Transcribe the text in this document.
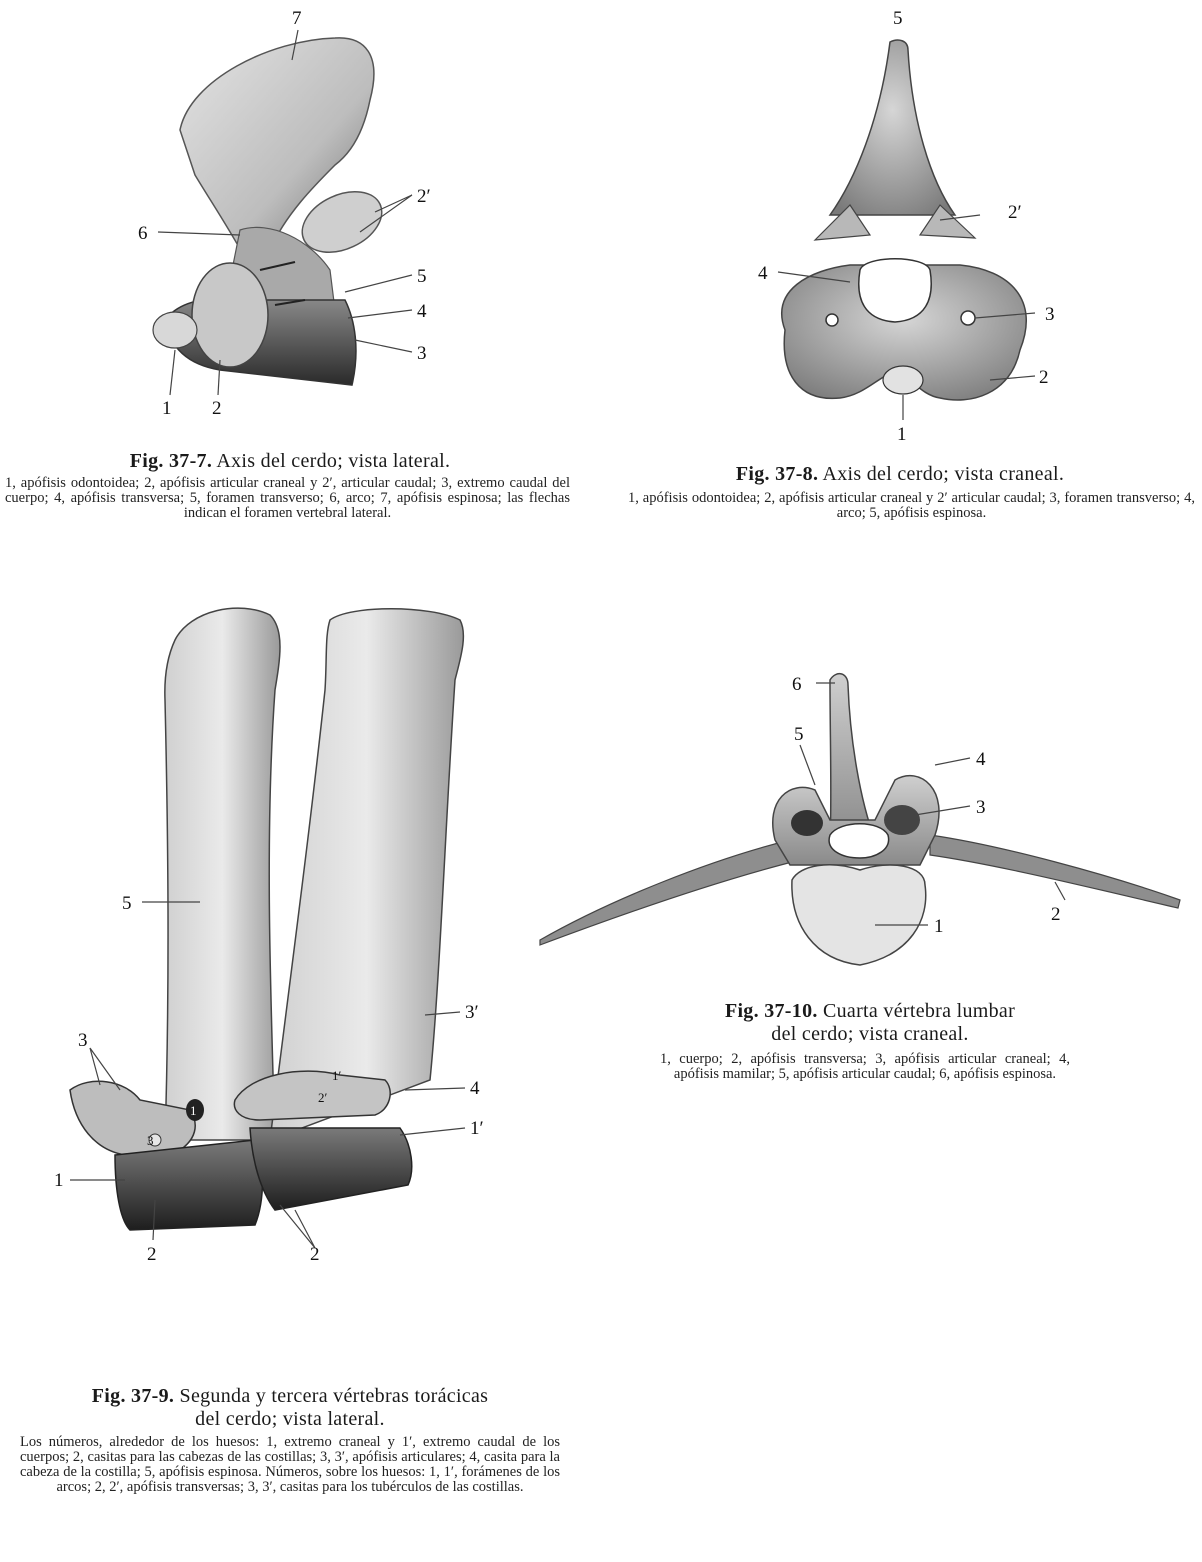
7
2′
6
5
4
3
1 2
Fig. 37-7. Axis del cerdo; vista lateral.
1, apófisis odontoidea; 2, apófisis articular craneal y 2′, articular caudal; 3, extremo caudal del cuerpo; 4, apófisis transversa; 5, foramen transverso; 6, arco; 7, apófisis espinosa; las flechas indican el foramen vertebral lateral.
5
2′
4
3
2
1
Fig. 37-8. Axis del cerdo; vista craneal.
1, apófisis odontoidea; 2, apófisis articular craneal y 2′ articular caudal; 3, foramen transverso; 4, arco; 5, apófisis espinosa.
5
3
3′
4
1′
1
2	2
1
3
1′
2′
Fig. 37-9. Segunda y tercera vértebras torácicas
del cerdo; vista lateral.
Los números, alrededor de los huesos: 1, extremo craneal y 1′, extremo caudal de los cuerpos; 2, casitas para las cabezas de las costillas; 3, 3′, apófisis articulares; 4, casita para la cabeza de la costilla; 5, apófisis espinosa. Números, sobre los huesos: 1, 1′, forámenes de los arcos; 2, 2′, apófisis transversas; 3, 3′, casitas para los tubérculos de las costillas.
6
5
4
3
2
1
Fig. 37-10. Cuarta vértebra lumbar
del cerdo; vista craneal.
1, cuerpo; 2, apófisis transversa; 3, apófisis articular craneal; 4, apófisis mamilar; 5, apófisis articular caudal; 6, apófisis espinosa.
